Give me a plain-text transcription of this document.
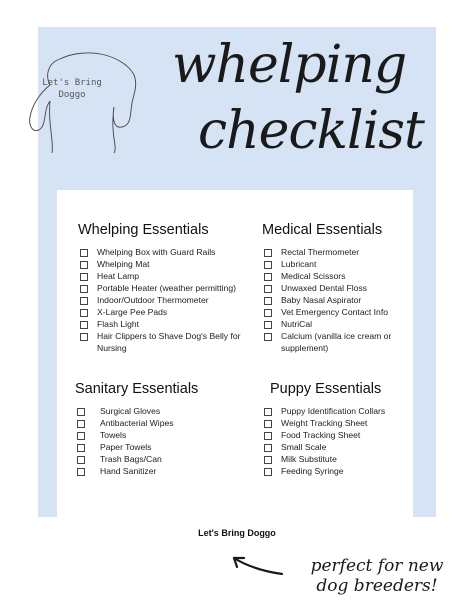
Let's Bring Doggo	whelping
checklist
Whelping Essentials
Whelping Box with Guard Rails
Whelping Mat
Heat Lamp
Portable Heater (weather permitting)
Indoor/Outdoor Thermometer
X-Large Pee Pads
Flash Light
Hair Clippers to Shave Dog's Belly for Nursing
Medical Essentials
Rectal Thermometer
Lubricant
Medical Scissors
Unwaxed Dental Floss
Baby Nasal Aspirator
Vet Emergency Contact Info
NutriCal
Calcium (vanilla ice cream or supplement)
Sanitary Essentials
Surgical Gloves
Antibacterial Wipes
Towels
Paper Towels
Trash Bags/Can
Hand Sanitizer
Puppy Essentials
Puppy Identification Collars
Weight Tracking Sheet
Food Tracking Sheet
Small Scale
Milk Substitute
Feeding Syringe
Let's Bring Doggo
perfect for new
dog breeders!
